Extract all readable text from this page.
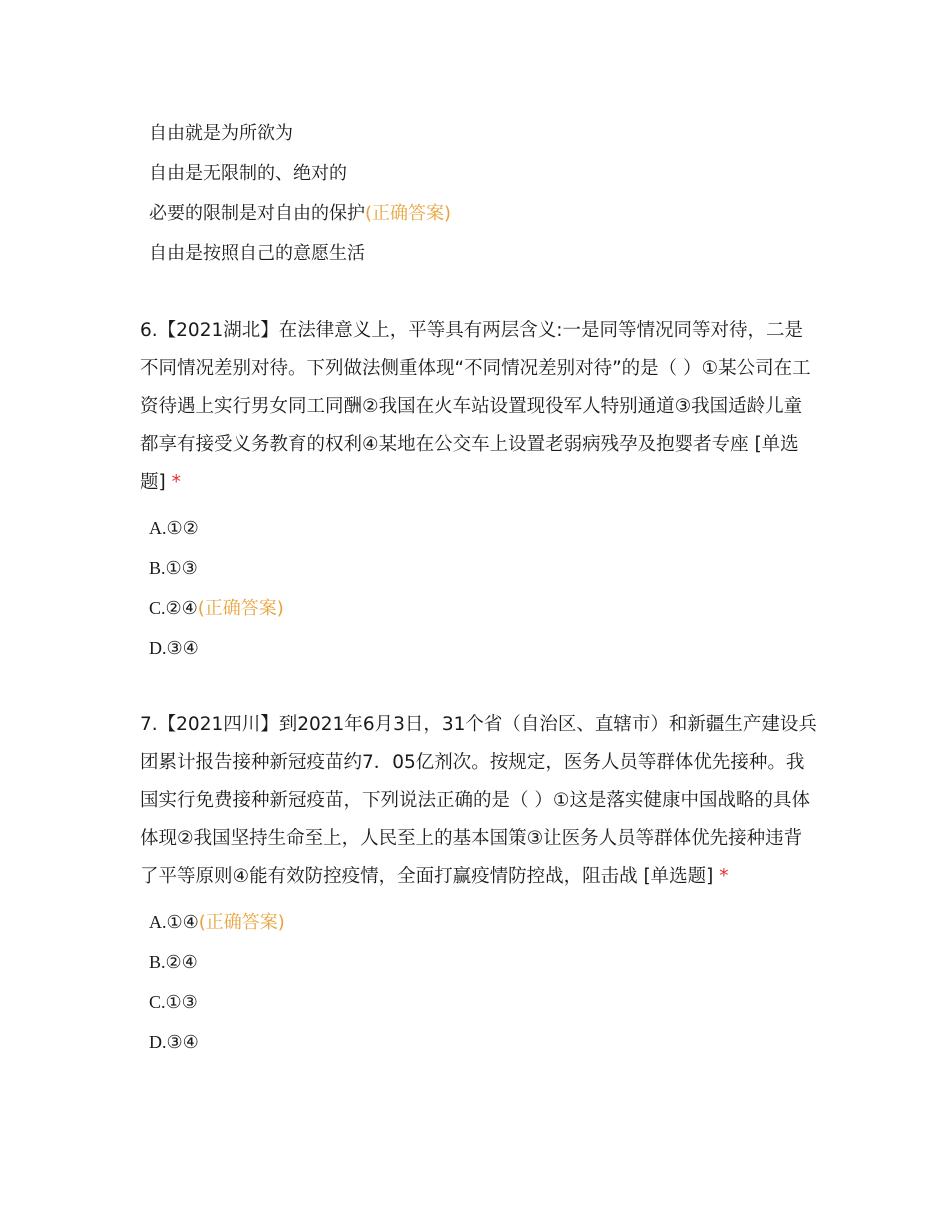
自由就是为所欲为
自由是无限制的、绝对的
必要的限制是对自由的保护(正确答案)
自由是按照自己的意愿生活
6.【2021湖北】在法律意义上，平等具有两层含义:一是同等情况同等对待，二是不同情况差别对待。下列做法侧重体现“不同情况差别对待”的是（ ）①某公司在工资待遇上实行男女同工同酬②我国在火车站设置现役军人特别通道③我国适龄儿童都享有接受义务教育的权利④某地在公交车上设置老弱病残孕及抱婴者专座 [单选题] *
A.①②
B.①③
C.②④(正确答案)
D.③④
7.【2021四川】到2021年6月3日，31个省（自治区、直辖市）和新疆生产建设兵团累计报告接种新冠疫苗约7．05亿剂次。按规定，医务人员等群体优先接种。我国实行免费接种新冠疫苗，下列说法正确的是（ ）①这是落实健康中国战略的具体体现②我国坚持生命至上，人民至上的基本国策③让医务人员等群体优先接种违背了平等原则④能有效防控疫情，全面打赢疫情防控战，阻击战 [单选题] *
A.①④(正确答案)
B.②④
C.①③
D.③④
